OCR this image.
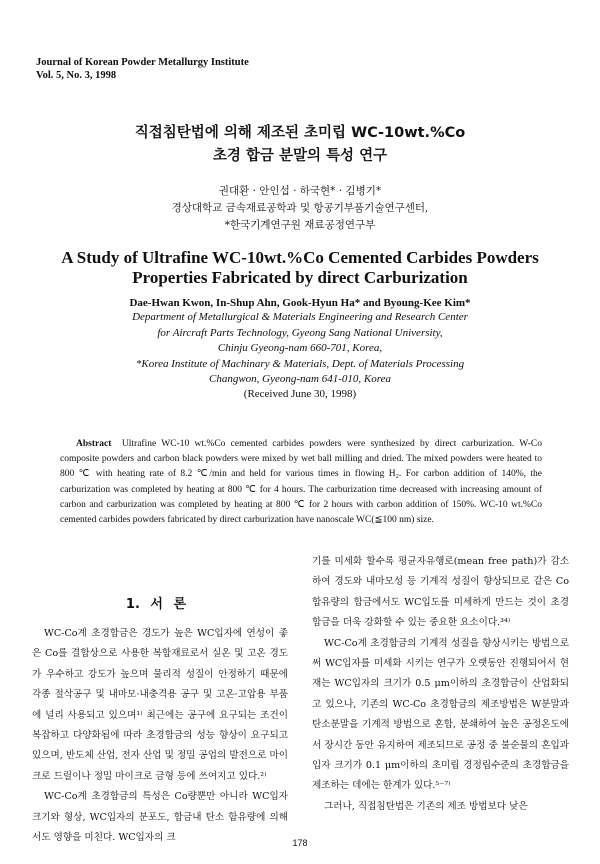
Journal of Korean Powder Metallurgy Institute
Vol. 5, No. 3, 1998
직접침탄법에 의해 제조된 초미립 WC-10wt.%Co
초경 합금 분말의 특성 연구
권대환 · 안인섭 · 하국현* · 김병기*
경상대학교 금속재료공학과 및 항공기부품기술연구센터,
*한국기계연구원 재료공정연구부
A Study of Ultrafine WC-10wt.%Co Cemented Carbides Powders
Properties Fabricated by direct Carburization
Dae-Hwan Kwon, In-Shup Ahn, Gook-Hyun Ha* and Byoung-Kee Kim*
Department of Metallurgical & Materials Engineering and Research Center
for Aircraft Parts Technology, Gyeong Sang National University,
Chinju Gyeong-nam 660-701, Korea,
*Korea Institute of Machinary & Materials, Dept. of Materials Processing
Changwon, Gyeong-nam 641-010, Korea
(Received June 30, 1998)
Abstract Ultrafine WC-10 wt.%Co cemented carbides powders were synthesized by direct carburization. W-Co composite powders and carbon black powders were mixed by wet ball milling and dried. The mixed powders were heated to 800 ℃ with heating rate of 8.2 ℃/min and held for various times in flowing H₂. For carbon addition of 140%, the carburization was completed by heating at 800 ℃ for 4 hours. The carburization time decreased with increasing amount of carbon and carburization was completed by heating at 800 ℃ for 2 hours with carbon addition of 150%. WC-10 wt.%Co cemented carbides powders fabricated by direct carburization have nanoscale WC(≦100 nm) size.
1. 서 론

WC-Co계 초경합금은 경도가 높은 WC입자에 연성이 좋은 Co를 결합상으로 사용한 복합재료로서 실온 및 고온 경도가 우수하고 강도가 높으며 물리적 성질이 안정하기 때문에 각종 절삭공구 및 내마모·내충격용 공구 및 고온·고압용 부품에 널리 사용되고 있으며¹⁾ 최근에는 공구에 요구되는 조건이 복잡하고 다양화됨에 따라 초경합금의 성능 향상이 요구되고 있으며, 반도체 산업, 전자 산업 및 정밀 공업의 발전으로 마이크로 드릴이나 정밀 마이크로 금형 등에 쓰여지고 있다.²⁾

WC-Co계 초경합금의 특성은 Co량뿐만 아니라 WC입자크기와 형상, WC입자의 분포도, 합금내 탄소 함유량에 의해서도 영향을 미친다. WC입자의 크

기를 미세화 할수록 평균자유행로(mean free path)가 감소하여 경도와 내마모성 등 기계적 성질이 향상되므로 같은 Co합유량의 합금에서도 WC입도를 미세하게 만드는 것이 초경합금을 더욱 강화할 수 있는 중요한 요소이다.³⁴⁾

WC-Co계 초경합금의 기계적 성질을 향상시키는 방법으로써 WC입자를 미세화 시키는 연구가 오랫동안 진행되어서 현재는 WC입자의 크기가 0.5 μm이하의 초경합금이 산업화되고 있으나, 기존의 WC-Co 초경합금의 제조방법은 W분말과 탄소분말을 기계적 방법으로 혼합, 분쇄하여 높은 공정온도에서 장시간 동안 유지하여 제조되므로 공정 중 불순물의 혼입과 입자 크기가 0.1 μm이하의 초미립 경정립수준의 초경합금을 제조하는 데에는 한계가 있다.⁵⁻⁷⁾

그러나, 직접침탄법은 기존의 제조 방법보다 낮은

178
